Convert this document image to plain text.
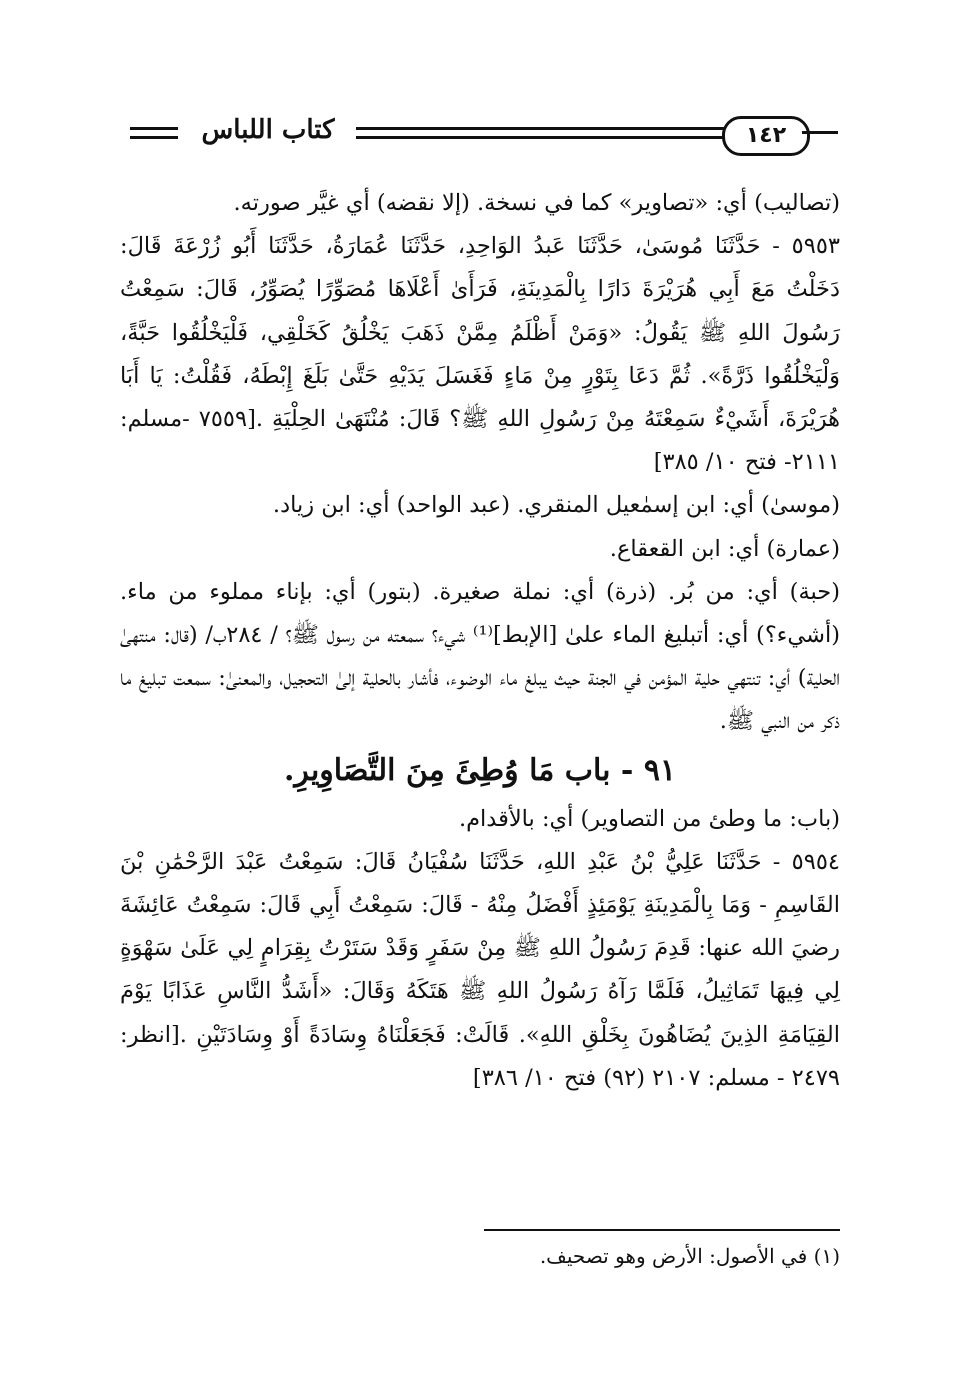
كتاب اللباس	١٤٢

(تصاليب) أي: «تصاوير» كما في نسخة. (إلا نقضه) أي غيَّر صورته.

٥٩٥٣ - حَدَّثَنَا مُوسَىٰ، حَدَّثَنَا عَبدُ الوَاحِدِ، حَدَّثَنَا عُمَارَةُ، حَدَّثَنَا أَبُو زُرْعَةَ قَالَ: دَخَلْتُ مَعَ أَبِي هُرَيْرَةَ دَارًا بِالْمَدِينَةِ، فَرَأَىٰ أَعْلَاهَا مُصَوِّرًا يُصَوِّرُ، قَالَ: سَمِعْتُ رَسُولَ اللهِ ﷺ يَقُولُ: «وَمَنْ أَظْلَمُ مِمَّنْ ذَهَبَ يَخْلُقُ كَخَلْقِي، فَلْيَخْلُقُوا حَبَّةً، وَلْيَخْلُقُوا ذَرَّةً». ثُمَّ دَعَا بِتَوْرٍ مِنْ مَاءٍ فَغَسَلَ يَدَيْهِ حَتَّىٰ بَلَغَ إِبْطَهُ، فَقُلْتُ: يَا أَبَا هُرَيْرَةَ، أَشَيْءٌ سَمِعْتَهُ مِنْ رَسُولِ اللهِ ﷺ؟ قَالَ: مُنْتَهَىٰ الحِلْيَةِ .[٧٥٥٩ -مسلم: ٢١١١- فتح ١٠/ ٣٨٥]

(موسىٰ) أي: ابن إسمٰعيل المنقري. (عبد الواحد) أي: ابن زياد.

(عمارة) أي: ابن القعقاع.

(حبة) أي: من بُر. (ذرة) أي: نملة صغيرة. (بتور) أي: بإناء مملوء من ماء. (أشيء؟) أي: أتبليغ الماء علىٰ [الإبط]⁽¹⁾ شيء؟ سمعته من رسول ﷺ؟ / ٢٨٤ب/ (قال: منتهىٰ الحلية) أي: تنتهي حلية المؤمن في الجنة حيث يبلغ ماء الوضوء، فأشار بالحلية إلىٰ التحجيل، والمعنىٰ: سمعت تبليغ ما ذكر من النبي ﷺ.

٩١ - باب مَا وُطِئَ مِنَ التَّصَاوِيرِ.

(باب: ما وطئ من التصاوير) أي: بالأقدام.

٥٩٥٤ - حَدَّثَنَا عَلِيُّ بْنُ عَبْدِ اللهِ، حَدَّثَنَا سُفْيَانُ قَالَ: سَمِعْتُ عَبْدَ الرَّحْمَٰنِ بْنَ القَاسِمِ - وَمَا بِالْمَدِينَةِ يَوْمَئِذٍ أَفْضَلُ مِنْهُ - قَالَ: سَمِعْتُ أَبِي قَالَ: سَمِعْتُ عَائِشَةَ رضيَ الله عنها: قَدِمَ رَسُولُ اللهِ ﷺ مِنْ سَفَرٍ وَقَدْ سَتَرْتُ بِقِرَامٍ لِي عَلَىٰ سَهْوَةٍ لِي فِيهَا تَمَاثِيلُ، فَلَمَّا رَآهُ رَسُولُ اللهِ ﷺ هَتَكَهُ وَقَالَ: «أَشَدُّ النَّاسِ عَذَابًا يَوْمَ القِيَامَةِ الذِينَ يُضَاهُونَ بِخَلْقِ اللهِ». قَالَتْ: فَجَعَلْنَاهُ وِسَادَةً أَوْ وِسَادَتَيْنِ .[انظر: ٢٤٧٩ - مسلم: ٢١٠٧ (٩٢) فتح ١٠/ ٣٨٦]

(١) في الأصول: الأرض وهو تصحيف.
